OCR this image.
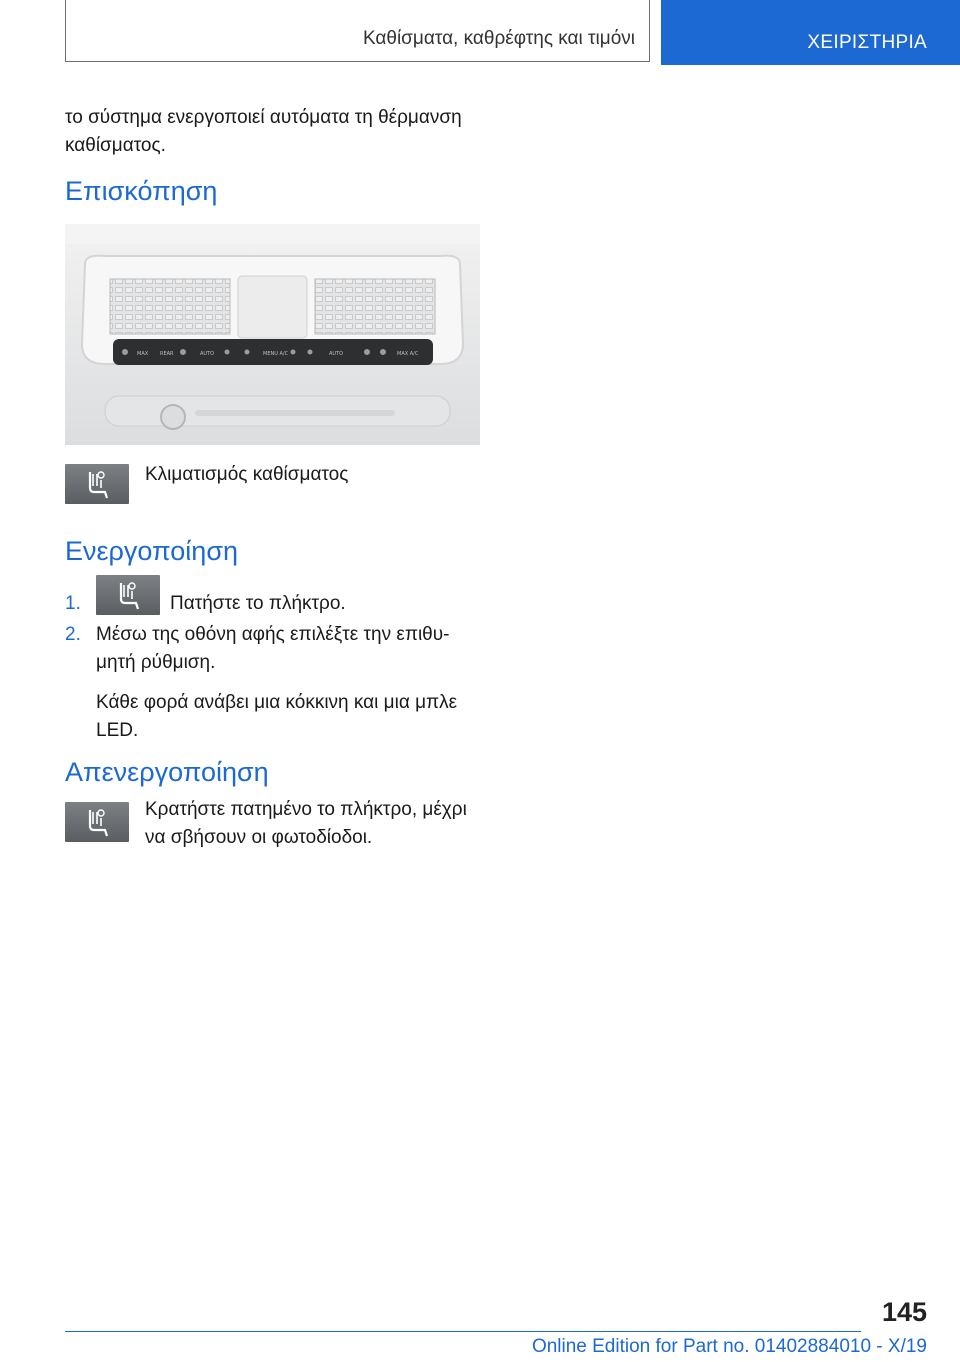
Καθίσματα, καθρέφτης και τιμόνι	ΧΕΙΡΙΣΤΗΡΙΑ
το σύστημα ενεργοποιεί αυτόματα τη θέρμανση καθίσματος.
Επισκόπηση
MAX REAR	AUTO	MENU A/C	AUTO	MAX A/C
Κλιματισμός καθίσματος
Ενεργοποίηση
1.	Πατήστε το πλήκτρο.
2. Μέσω της οθόνη αφής επιλέξτε την επιθυ-
μητή ρύθμιση.
Κάθε φορά ανάβει μια κόκκινη και μια μπλε
LED.
Απενεργοποίηση
Κρατήστε πατημένο το πλήκτρο, μέχρι
να σβήσουν οι φωτοδίοδοι.
145
Online Edition for Part no. 01402884010 - X/19
